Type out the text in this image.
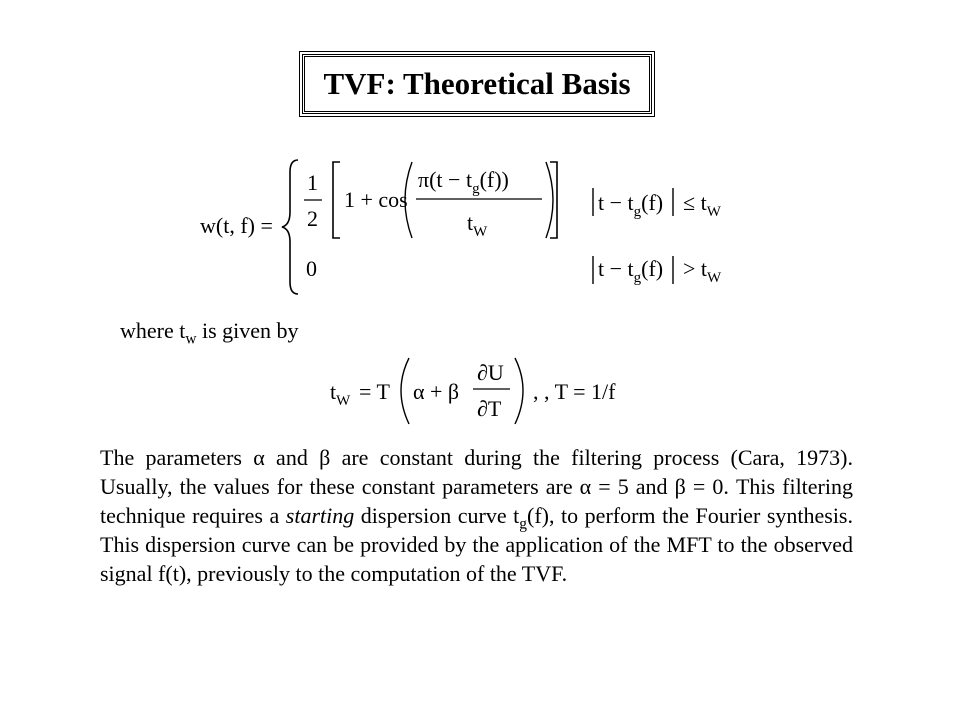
TVF: Theoretical Basis
w(t, f) =
1
2
1 + cos
$\pi(t - t_g(f))$
$t_W$
$t - t_g(f) \le t_W$
0	$t - t_g(f) > t_W$
where $t_w$ is given by
$t_W = T$ α + β
∂U
∂T
, , T = 1/f
The parameters α and β are constant during the filtering process (Cara, 1973). Usually, the values for these constant parameters are α = 5 and β = 0. This filtering technique requires a starting dispersion curve $t_g(f)$, to perform the Fourier synthesis. This dispersion curve can be provided by the application of the MFT to the observed signal f(t), previously to the computation of the TVF.
